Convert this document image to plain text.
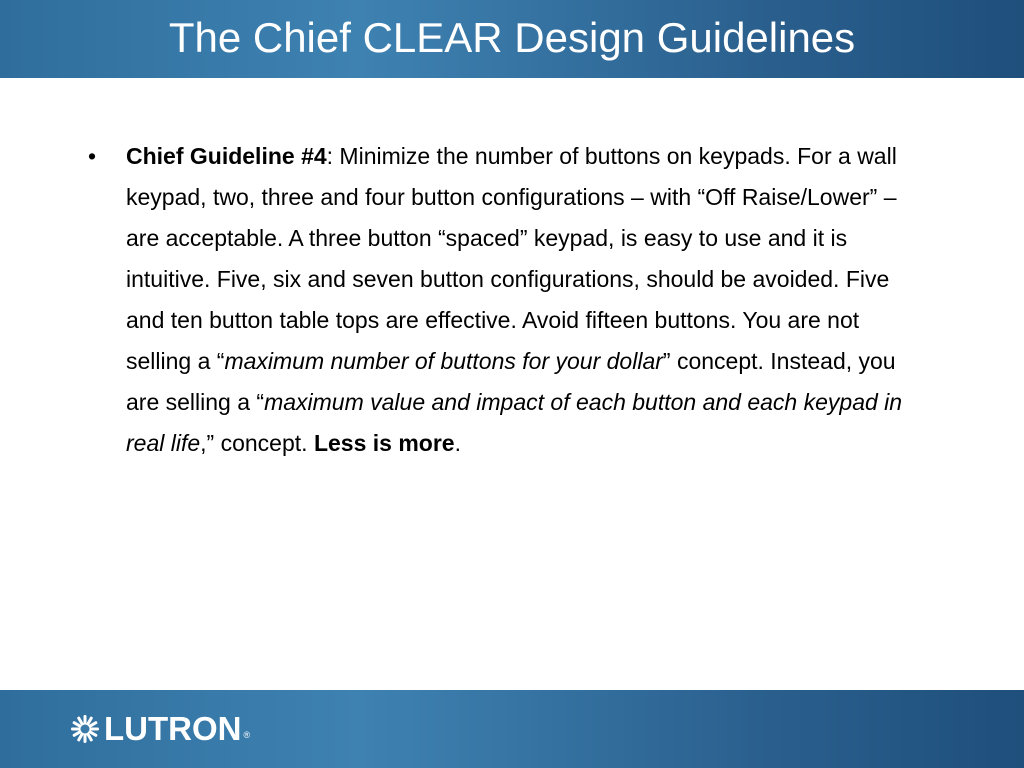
The Chief CLEAR Design Guidelines
• Chief Guideline #4: Minimize the number of buttons on keypads. For a wall keypad, two, three and four button configurations – with “Off Raise/Lower” – are acceptable. A three button “spaced” keypad, is easy to use and it is intuitive. Five, six and seven button configurations, should be avoided. Five and ten button table tops are effective. Avoid fifteen buttons. You are not selling a “maximum number of buttons for your dollar” concept. Instead, you are selling a “maximum value and impact of each button and each keypad in real life,” concept. Less is more.

LUTRON ®
